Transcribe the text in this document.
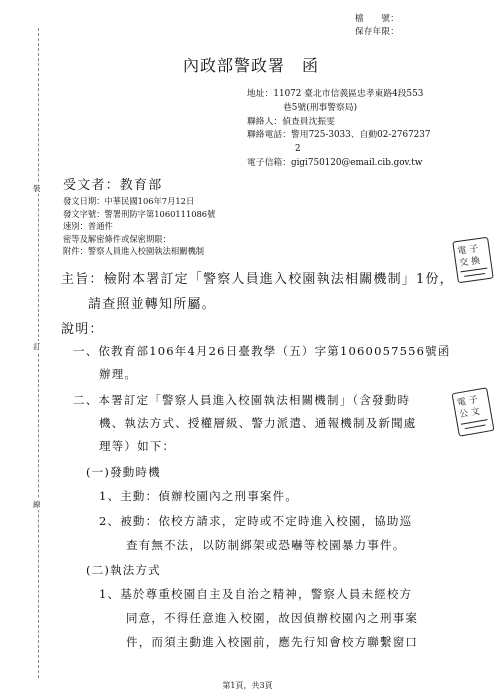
檔　　號：
保存年限：
內政部警政署　函
地址：11072 臺北市信義區忠孝東路4段553
巷5號(刑事警察局)
聯絡人：偵查員沈振雯
聯絡電話：警用725-3033、自動02-2767237
2
電子信箱：gigi750120@email.cib.gov.tw
裝
訂
線
受文者：教育部
發文日期：中華民國106年7月12日
發文字號：警署刑防字第1060111086號
速別：普通件
密等及解密條件或保密期限：
附件：警察人員進入校園執法相關機制
主旨：檢附本署訂定「警察人員進入校園執法相關機制」1份，
請查照並轉知所屬。
說明：
一、依教育部106年4月26日臺教學（五）字第1060057556號函
辦理。
二、本署訂定「警察人員進入校園執法相關機制」（含發動時
機、執法方式、授權層級、警力派遣、通報機制及新聞處
理等）如下：
(一)發動時機
1、主動：偵辦校園內之刑事案件。
2、被動：依校方請求，定時或不定時進入校園，協助巡
查有無不法，以防制綁架或恐嚇等校園暴力事件。
(二)執法方式
1、基於尊重校園自主及自治之精神，警察人員未經校方
同意，不得任意進入校園，故因偵辦校園內之刑事案
件，而須主動進入校園前，應先行知會校方聯繫窗口
電 子
交 換
電 子
公 文
第1頁，共3頁
